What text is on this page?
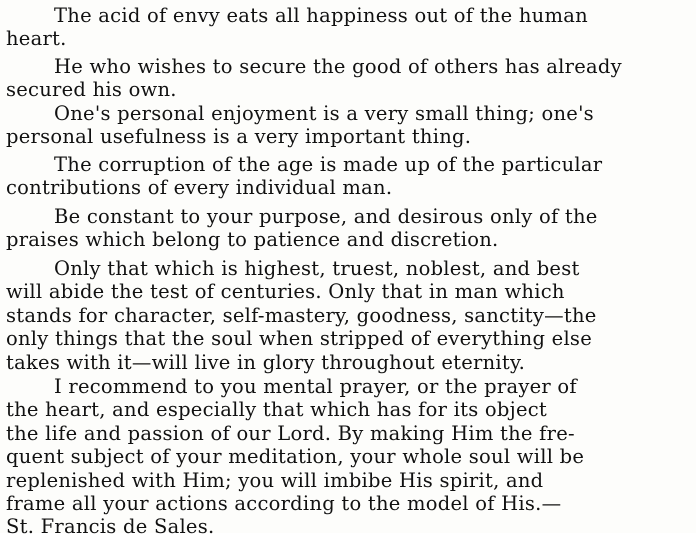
The acid of envy eats all happiness out of the human
heart.

He who wishes to secure the good of others has already
secured his own.

One's personal enjoyment is a very small thing; one's
personal usefulness is a very important thing.

The corruption of the age is made up of the particular
contributions of every individual man.

Be constant to your purpose, and desirous only of the
praises which belong to patience and discretion.

Only that which is highest, truest, noblest, and best
will abide the test of centuries. Only that in man which
stands for character, self-mastery, goodness, sanctity—the
only things that the soul when stripped of everything else
takes with it—will live in glory throughout eternity.

I recommend to you mental prayer, or the prayer of
the heart, and especially that which has for its object
the life and passion of our Lord. By making Him the fre-
quent subject of your meditation, your whole soul will be
replenished with Him; you will imbibe His spirit, and
frame all your actions according to the model of His.—
St. Francis de Sales.
